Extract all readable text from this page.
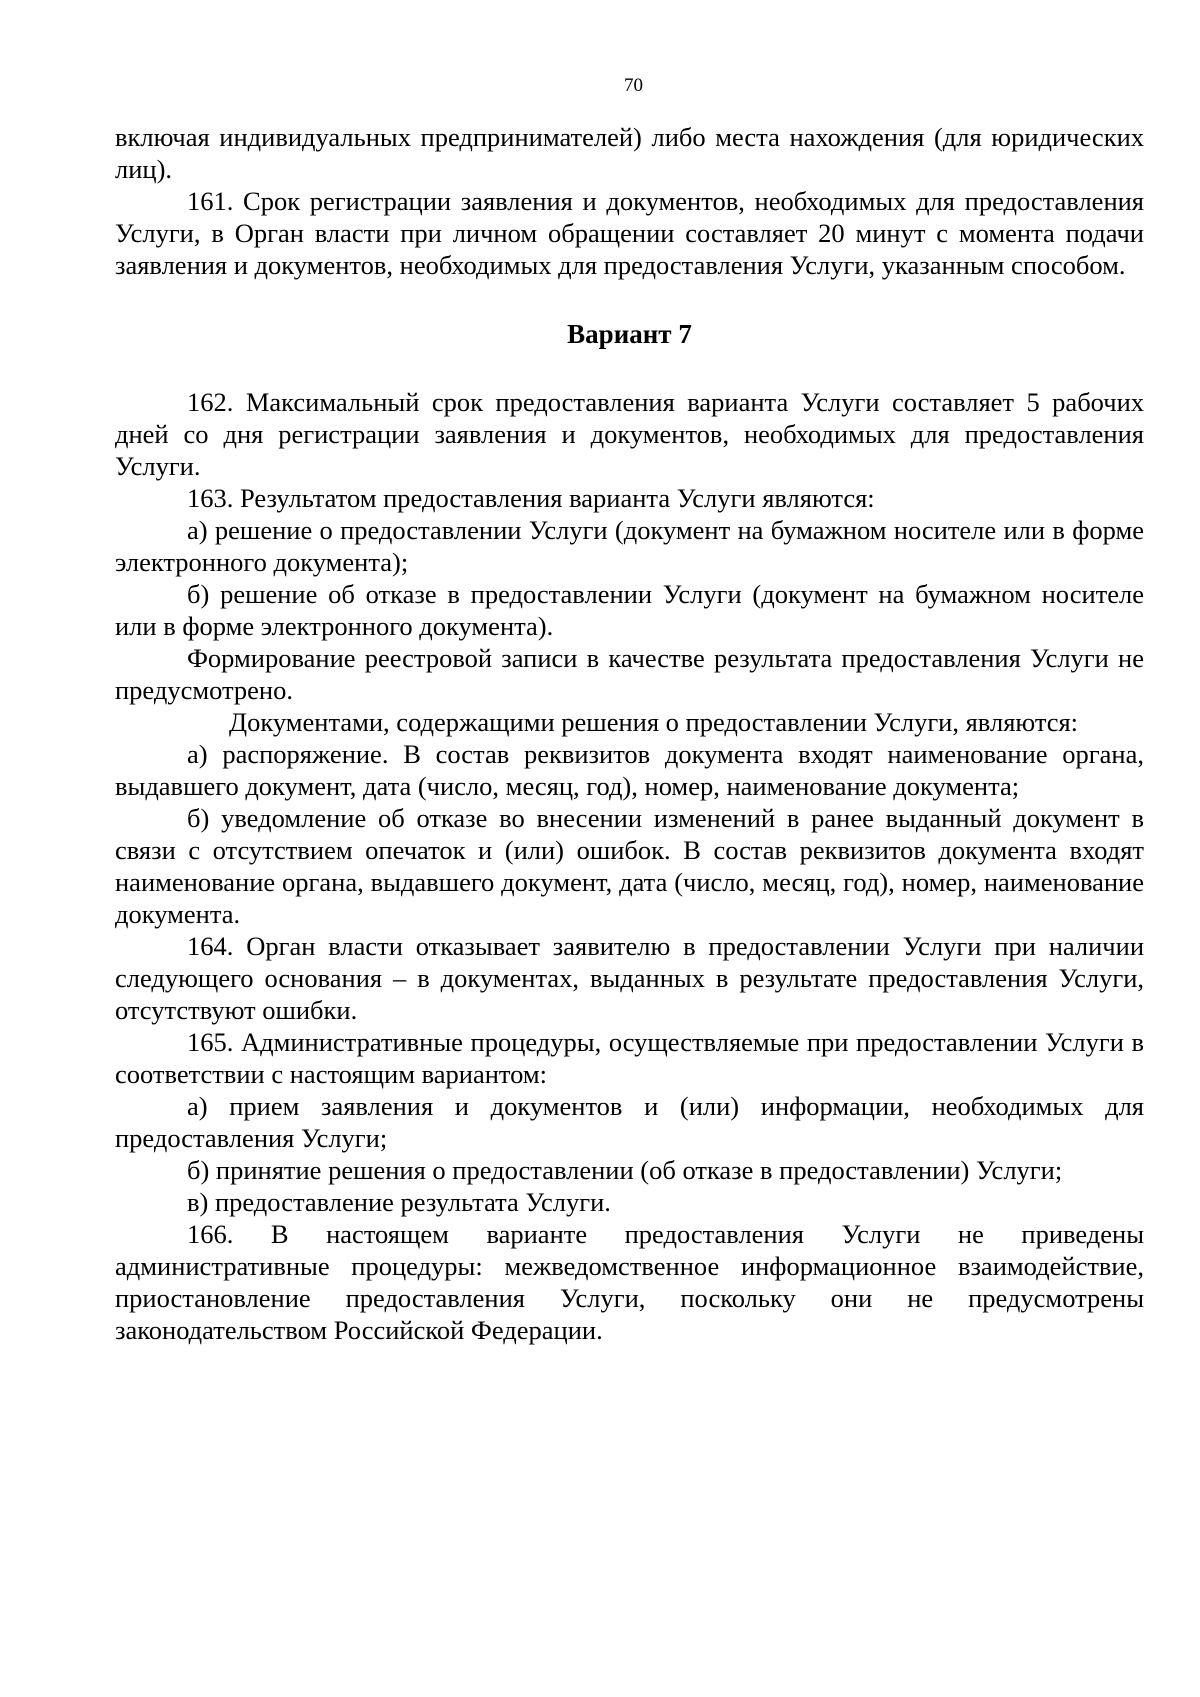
70

включая индивидуальных предпринимателей) либо места нахождения (для юридических лиц).

161. Срок регистрации заявления и документов, необходимых для предоставления Услуги, в Орган власти при личном обращении составляет 20 минут с момента подачи заявления и документов, необходимых для предоставления Услуги, указанным способом.

Вариант 7

162. Максимальный срок предоставления варианта Услуги составляет 5 рабочих дней со дня регистрации заявления и документов, необходимых для предоставления Услуги.

163. Результатом предоставления варианта Услуги являются:

а) решение о предоставлении Услуги (документ на бумажном носителе или в форме электронного документа);

б) решение об отказе в предоставлении Услуги (документ на бумажном носителе или в форме электронного документа).

Формирование реестровой записи в качестве результата предоставления Услуги не предусмотрено.

Документами, содержащими решения о предоставлении Услуги, являются:

а) распоряжение. В состав реквизитов документа входят наименование органа, выдавшего документ, дата (число, месяц, год), номер, наименование документа;

б) уведомление об отказе во внесении изменений в ранее выданный документ в связи с отсутствием опечаток и (или) ошибок. В состав реквизитов документа входят наименование органа, выдавшего документ, дата (число, месяц, год), номер, наименование документа.

164. Орган власти отказывает заявителю в предоставлении Услуги при наличии следующего основания – в документах, выданных в результате предоставления Услуги, отсутствуют ошибки.

165. Административные процедуры, осуществляемые при предоставлении Услуги в соответствии с настоящим вариантом:

а) прием заявления и документов и (или) информации, необходимых для предоставления Услуги;

б) принятие решения о предоставлении (об отказе в предоставлении) Услуги;

в) предоставление результата Услуги.

166. В настоящем варианте предоставления Услуги не приведены административные процедуры: межведомственное информационное взаимодействие, приостановление предоставления Услуги, поскольку они не предусмотрены законодательством Российской Федерации.
